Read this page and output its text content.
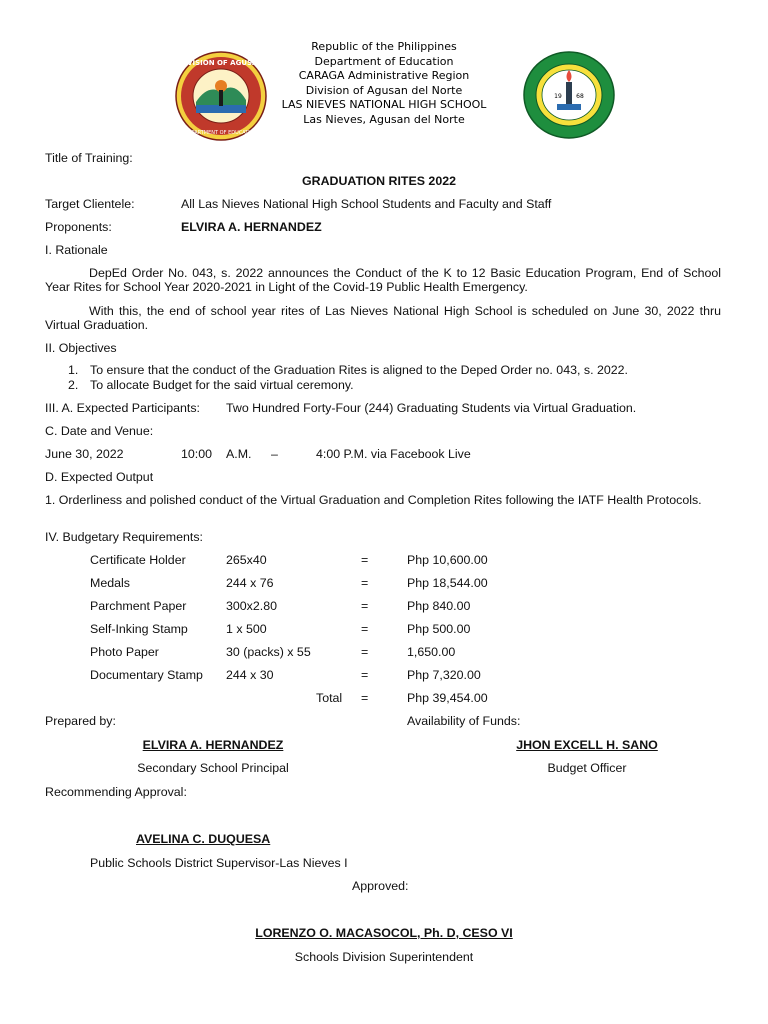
DIVISION OF AGUSAN
DEPARTMENT OF EDUCATION
Republic of the Philippines
Department of Education
CARAGA Administrative Region
Division of Agusan del Norte
LAS NIEVES NATIONAL HIGH SCHOOL
Las Nieves, Agusan del Norte
19 68
Title of Training:
GRADUATION RITES 2022
Target Clientele:	All Las Nieves National High School Students and Faculty and Staff
Proponents:	ELVIRA A. HERNANDEZ
I. Rationale
DepEd Order No. 043, s. 2022 announces the Conduct of the K to 12 Basic Education Program, End of School Year Rites for School Year 2020-2021 in Light of the Covid-19 Public Health Emergency.
With this, the end of school year rites of Las Nieves National High School is scheduled on June 30, 2022 thru Virtual Graduation.
II. Objectives
1. To ensure that the conduct of the Graduation Rites is aligned to the Deped Order no. 043, s. 2022.
2. To allocate Budget for the said virtual ceremony.
III. A. Expected Participants: Two Hundred Forty-Four (244) Graduating Students via Virtual Graduation.
C. Date and Venue:
June 30, 2022	10:00 A.M. –	4:00 P.M. via Facebook Live
D. Expected Output
1. Orderliness and polished conduct of the Virtual Graduation and Completion Rites following the IATF Health Protocols.
IV. Budgetary Requirements:
Certificate Holder	265x40	=	Php 10,600.00
Medals	244 x 76	=	Php 18,544.00
Parchment Paper	300x2.80	=	Php 840.00
Self-Inking Stamp	1 x 500	=	Php 500.00
Photo Paper	30 (packs) x 55	=	1,650.00
Documentary Stamp 244 x 30	=	Php 7,320.00
Total =	Php 39,454.00
Prepared by:	Availability of Funds:
ELVIRA A. HERNANDEZ	JHON EXCELL H. SANO
Secondary School Principal	Budget Officer
Recommending Approval:
AVELINA C. DUQUESA
Public Schools District Supervisor-Las Nieves I
Approved:
LORENZO O. MACASOCOL, Ph. D, CESO VI
Schools Division Superintendent
